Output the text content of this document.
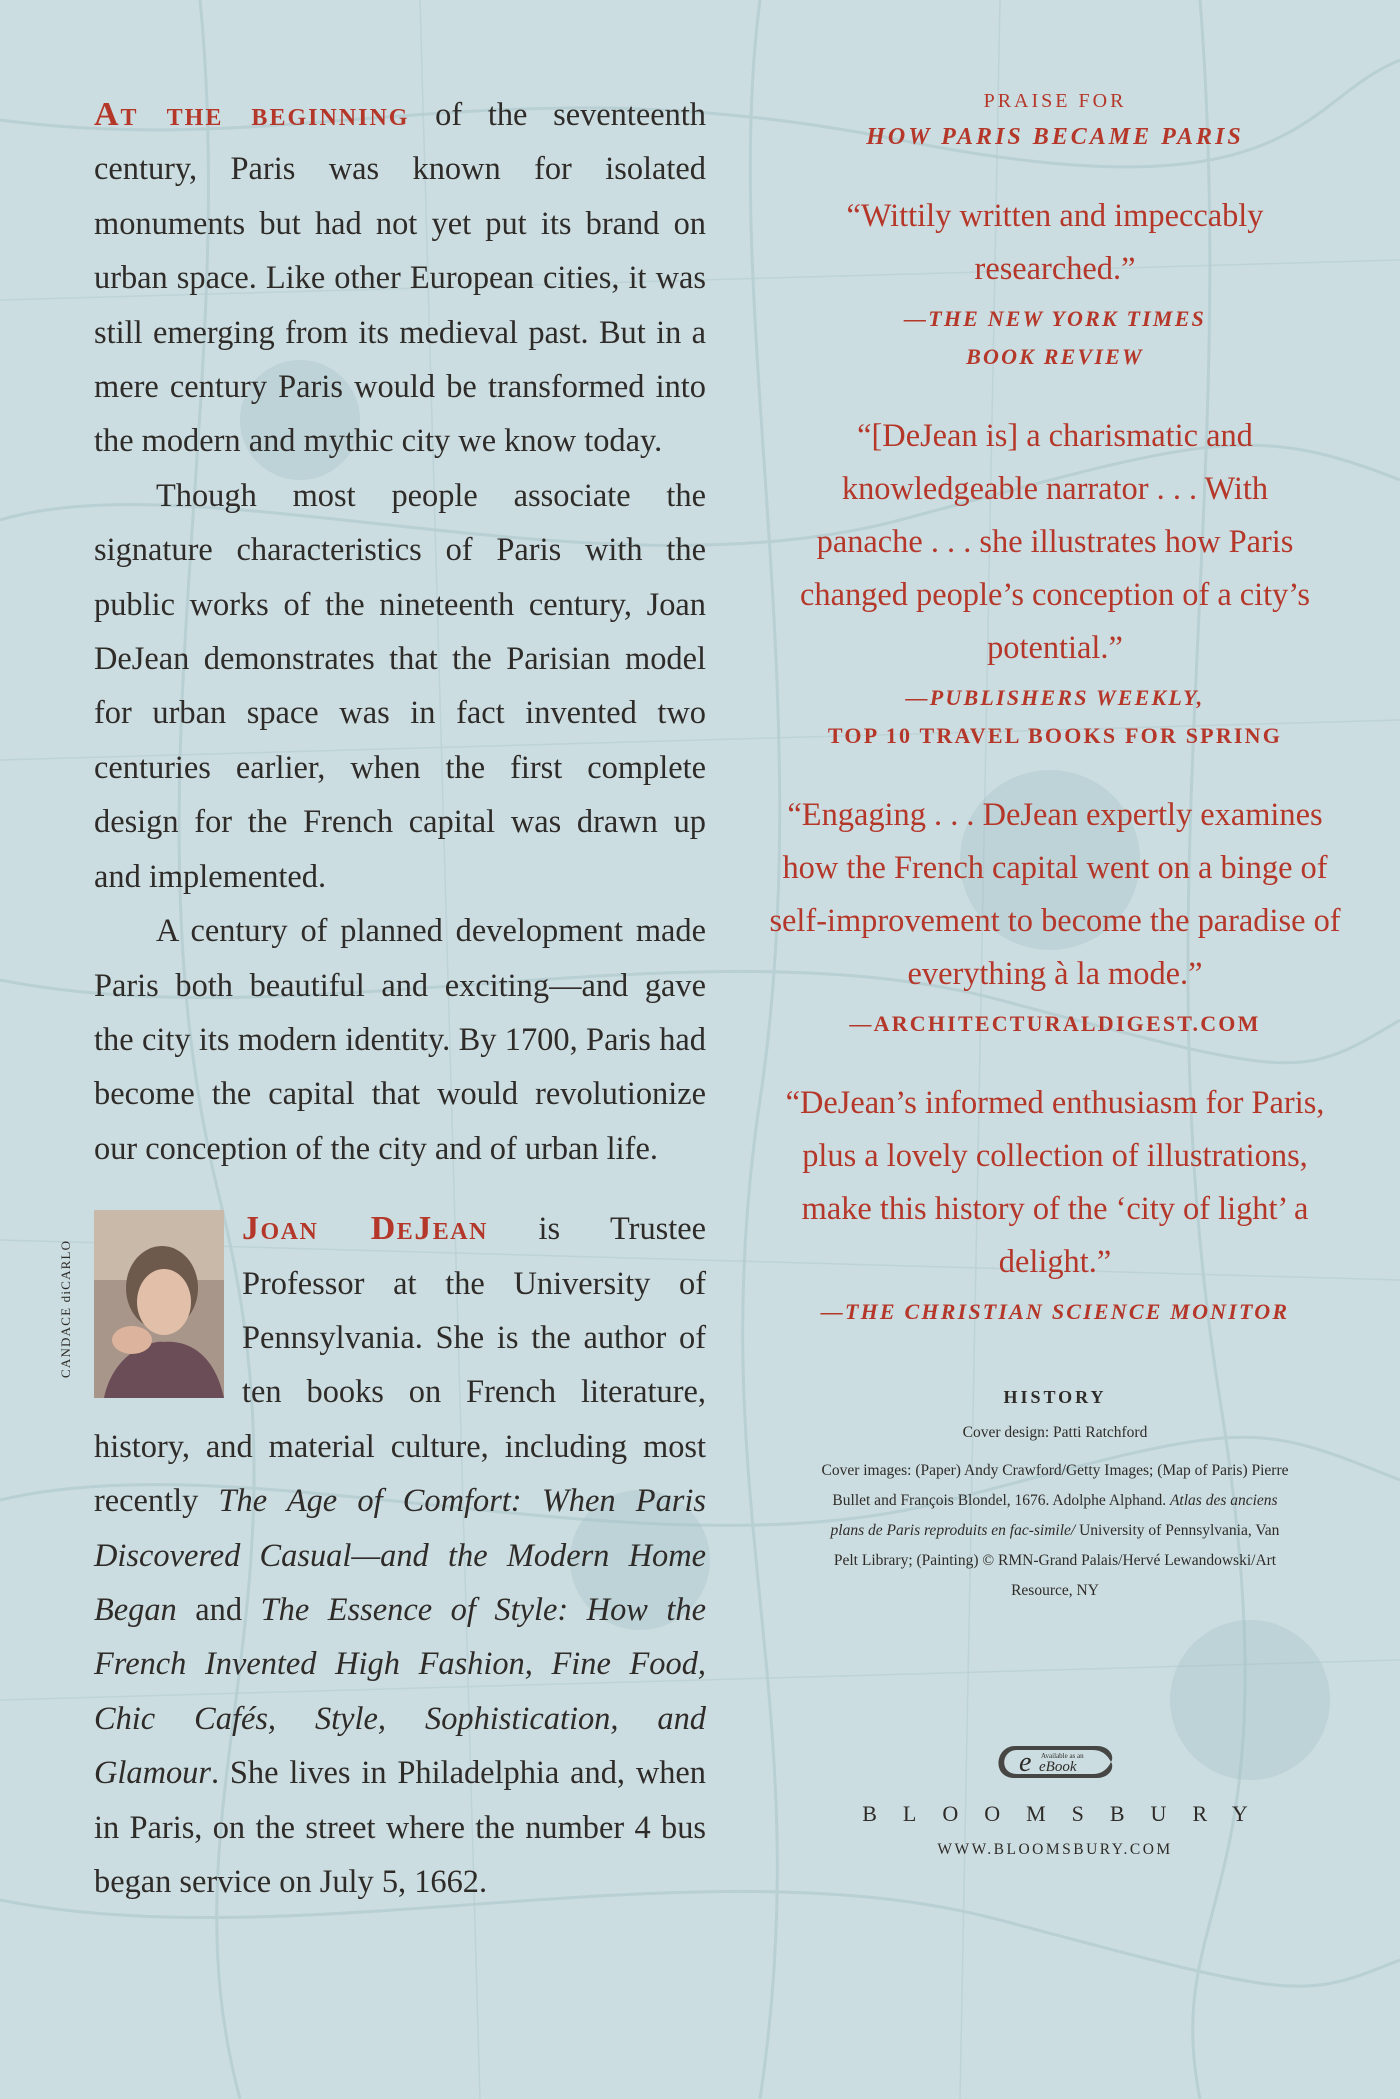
At the beginning of the seventeenth century, Paris was known for isolated monuments but had not yet put its brand on urban space. Like other European cities, it was still emerging from its medieval past. But in a mere century Paris would be transformed into the modern and mythic city we know today.

Though most people associate the signature characteristics of Paris with the public works of the nineteenth century, Joan DeJean demonstrates that the Parisian model for urban space was in fact invented two centuries earlier, when the first complete design for the French capital was drawn up and implemented.

A century of planned development made Paris both beautiful and exciting—and gave the city its modern identity. By 1700, Paris had become the capital that would revolutionize our conception of the city and of urban life.

Joan DeJean is Trustee Professor at the University of Pennsylvania. She is the author of ten books on French literature, history, and material culture, including most recently The Age of Comfort: When Paris Discovered Casual—and the Modern Home Began and The Essence of Style: How the French Invented High Fashion, Fine Food, Chic Cafés, Style, Sophistication, and Glamour. She lives in Philadelphia and, when in Paris, on the street where the number 4 bus began service on July 5, 1662.

CANDACE diCARLO
PRAISE FOR
HOW PARIS BECAME PARIS
“Wittily written and impeccably researched.”
—THE NEW YORK TIMES
BOOK REVIEW
“[DeJean is] a charismatic and knowledgeable narrator . . . With panache . . . she illustrates how Paris changed people’s conception of a city’s potential.”
—PUBLISHERS WEEKLY,
TOP 10 TRAVEL BOOKS FOR SPRING
“Engaging . . . DeJean expertly examines how the French capital went on a binge of self-improvement to become the paradise of everything à la mode.”
—ARCHITECTURALDIGEST.COM
“DeJean’s informed enthusiasm for Paris, plus a lovely collection of illustrations, make this history of the ‘city of light’ a delight.”
—THE CHRISTIAN SCIENCE MONITOR
HISTORY
Cover design: Patti Ratchford
Cover images: (Paper) Andy Crawford/Getty Images; (Map of Paris) Pierre Bullet and François Blondel, 1676. Adolphe Alphand. Atlas des anciens plans de Paris reproduits en fac-simile/ University of Pennsylvania, Van Pelt Library; (Painting) © RMN-Grand Palais/Hervé Lewandowski/Art Resource, NY
e Available as an
eBook
BLOOMSBURY
WWW.BLOOMSBURY.COM
